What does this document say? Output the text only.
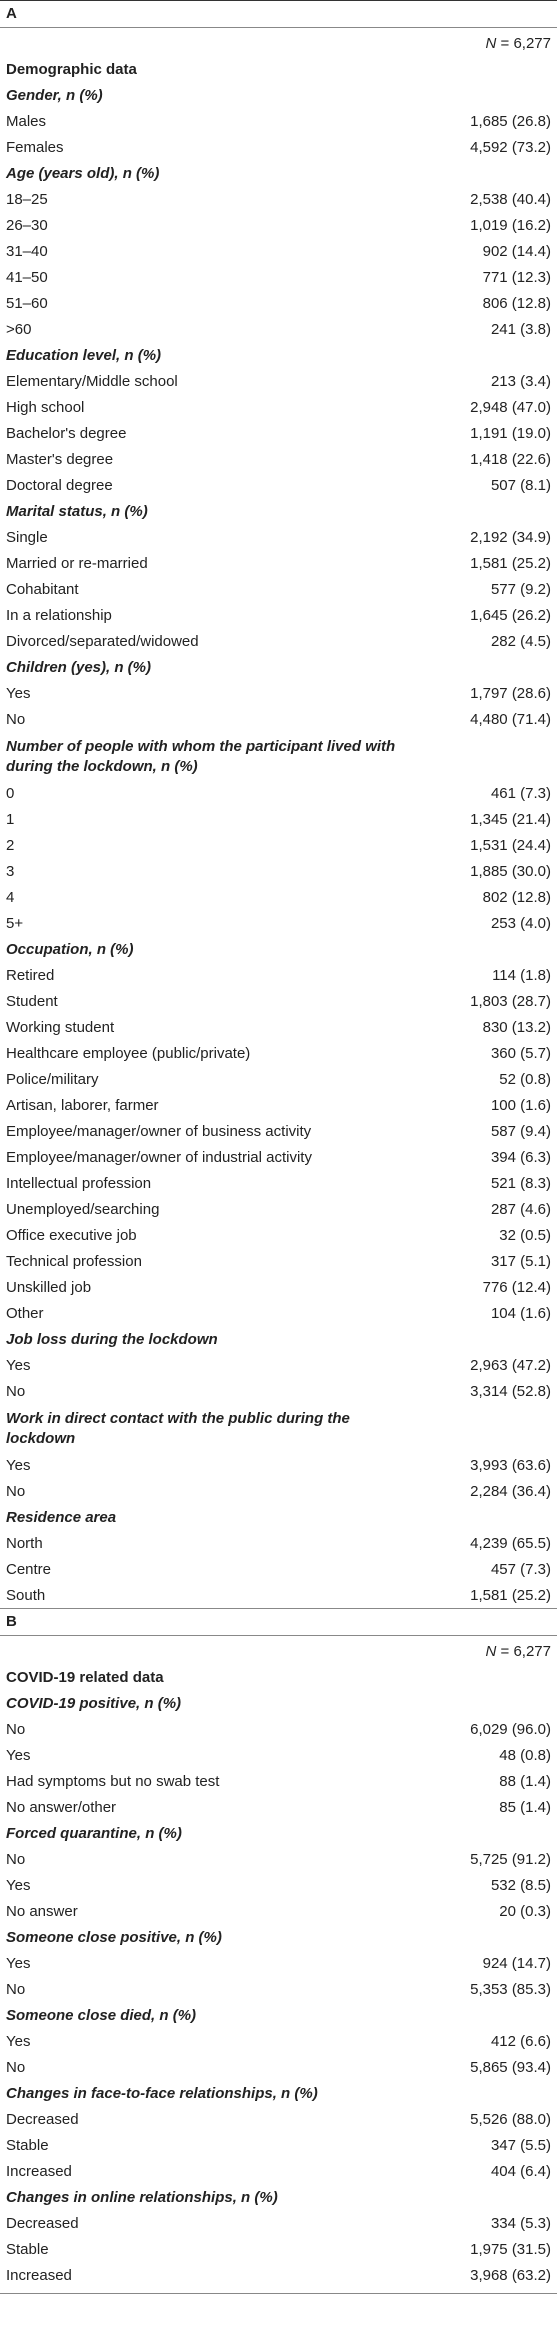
A
N = 6,277
Demographic data
Gender, n (%)
Males	1,685 (26.8)
Females	4,592 (73.2)
Age (years old), n (%)
18–25	2,538 (40.4)
26–30	1,019 (16.2)
31–40	902 (14.4)
41–50	771 (12.3)
51–60	806 (12.8)
>60	241 (3.8)
Education level, n (%)
Elementary/Middle school	213 (3.4)
High school	2,948 (47.0)
Bachelor's degree	1,191 (19.0)
Master's degree	1,418 (22.6)
Doctoral degree	507 (8.1)
Marital status, n (%)
Single	2,192 (34.9)
Married or re-married	1,581 (25.2)
Cohabitant	577 (9.2)
In a relationship	1,645 (26.2)
Divorced/separated/widowed	282 (4.5)
Children (yes), n (%)
Yes	1,797 (28.6)
No	4,480 (71.4)
Number of people with whom the participant lived with during the lockdown, n (%)
0	461 (7.3)
1	1,345 (21.4)
2	1,531 (24.4)
3	1,885 (30.0)
4	802 (12.8)
5+	253 (4.0)
Occupation, n (%)
Retired	114 (1.8)
Student	1,803 (28.7)
Working student	830 (13.2)
Healthcare employee (public/private)	360 (5.7)
Police/military	52 (0.8)
Artisan, laborer, farmer	100 (1.6)
Employee/manager/owner of business activity	587 (9.4)
Employee/manager/owner of industrial activity	394 (6.3)
Intellectual profession	521 (8.3)
Unemployed/searching	287 (4.6)
Office executive job	32 (0.5)
Technical profession	317 (5.1)
Unskilled job	776 (12.4)
Other	104 (1.6)
Job loss during the lockdown
Yes	2,963 (47.2)
No	3,314 (52.8)
Work in direct contact with the public during the lockdown
Yes	3,993 (63.6)
No	2,284 (36.4)
Residence area
North	4,239 (65.5)
Centre	457 (7.3)
South	1,581 (25.2)
B
N = 6,277
COVID-19 related data
COVID-19 positive, n (%)
No	6,029 (96.0)
Yes	48 (0.8)
Had symptoms but no swab test	88 (1.4)
No answer/other	85 (1.4)
Forced quarantine, n (%)
No	5,725 (91.2)
Yes	532 (8.5)
No answer	20 (0.3)
Someone close positive, n (%)
Yes	924 (14.7)
No	5,353 (85.3)
Someone close died, n (%)
Yes	412 (6.6)
No	5,865 (93.4)
Changes in face-to-face relationships, n (%)
Decreased	5,526 (88.0)
Stable	347 (5.5)
Increased	404 (6.4)
Changes in online relationships, n (%)
Decreased	334 (5.3)
Stable	1,975 (31.5)
Increased	3,968 (63.2)
